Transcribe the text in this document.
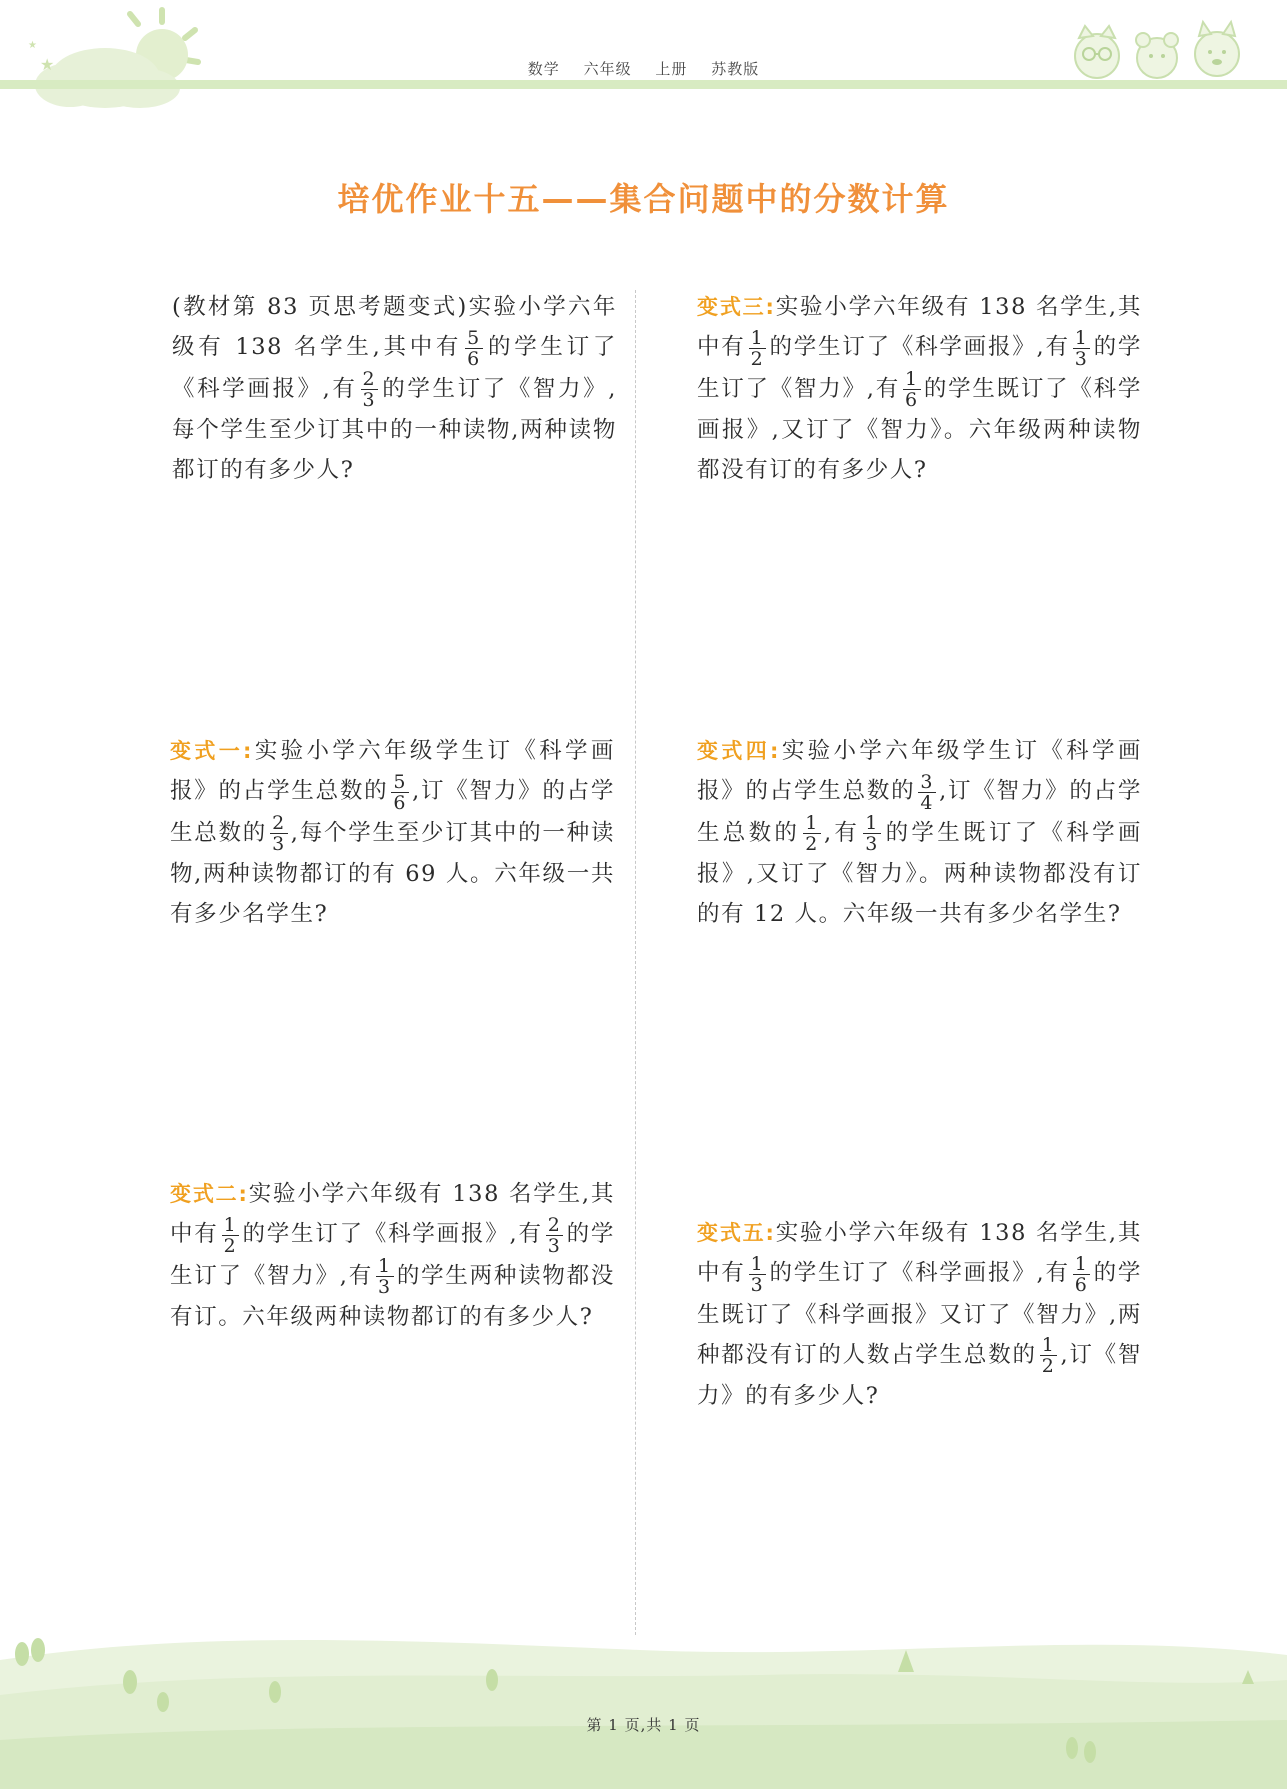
★
★
数学 六年级 上册 苏教版
培优作业十五——集合问题中的分数计算

(教材第 83 页思考题变式)实验小学六年级有 138 名学生,其中有 $\frac{5}{6}$ 的学生订了《科学画报》,有 $\frac{2}{3}$ 的学生订了《智力》,每个学生至少订其中的一种读物,两种读物都订的有多少人?

变式三:实验小学六年级有 138 名学生,其中有 $\frac{1}{2}$ 的学生订了《科学画报》,有 $\frac{1}{3}$ 的学生订了《智力》,有 $\frac{1}{6}$ 的学生既订了《科学画报》,又订了《智力》。六年级两种读物都没有订的有多少人?

变式一:实验小学六年级学生订《科学画报》的占学生总数的 $\frac{5}{6}$ ,订《智力》的占学生总数的 $\frac{2}{3}$ ,每个学生至少订其中的一种读物,两种读物都订的有 69 人。六年级一共有多少名学生?

变式四:实验小学六年级学生订《科学画报》的占学生总数的 $\frac{3}{4}$ ,订《智力》的占学生总数的 $\frac{1}{2}$ ,有 $\frac{1}{3}$ 的学生既订了《科学画报》,又订了《智力》。两种读物都没有订的有 12 人。六年级一共有多少名学生?

变式二:实验小学六年级有 138 名学生,其中有 $\frac{1}{2}$ 的学生订了《科学画报》,有 $\frac{2}{3}$ 的学生订了《智力》,有 $\frac{1}{3}$ 的学生两种读物都没有订。六年级两种读物都订的有多少人?

变式五:实验小学六年级有 138 名学生,其中有 $\frac{1}{3}$ 的学生订了《科学画报》,有 $\frac{1}{6}$ 的学生既订了《科学画报》又订了《智力》,两种都没有订的人数占学生总数的 $\frac{1}{2}$ ,订《智力》的有多少人?

第 1 页,共 1 页
